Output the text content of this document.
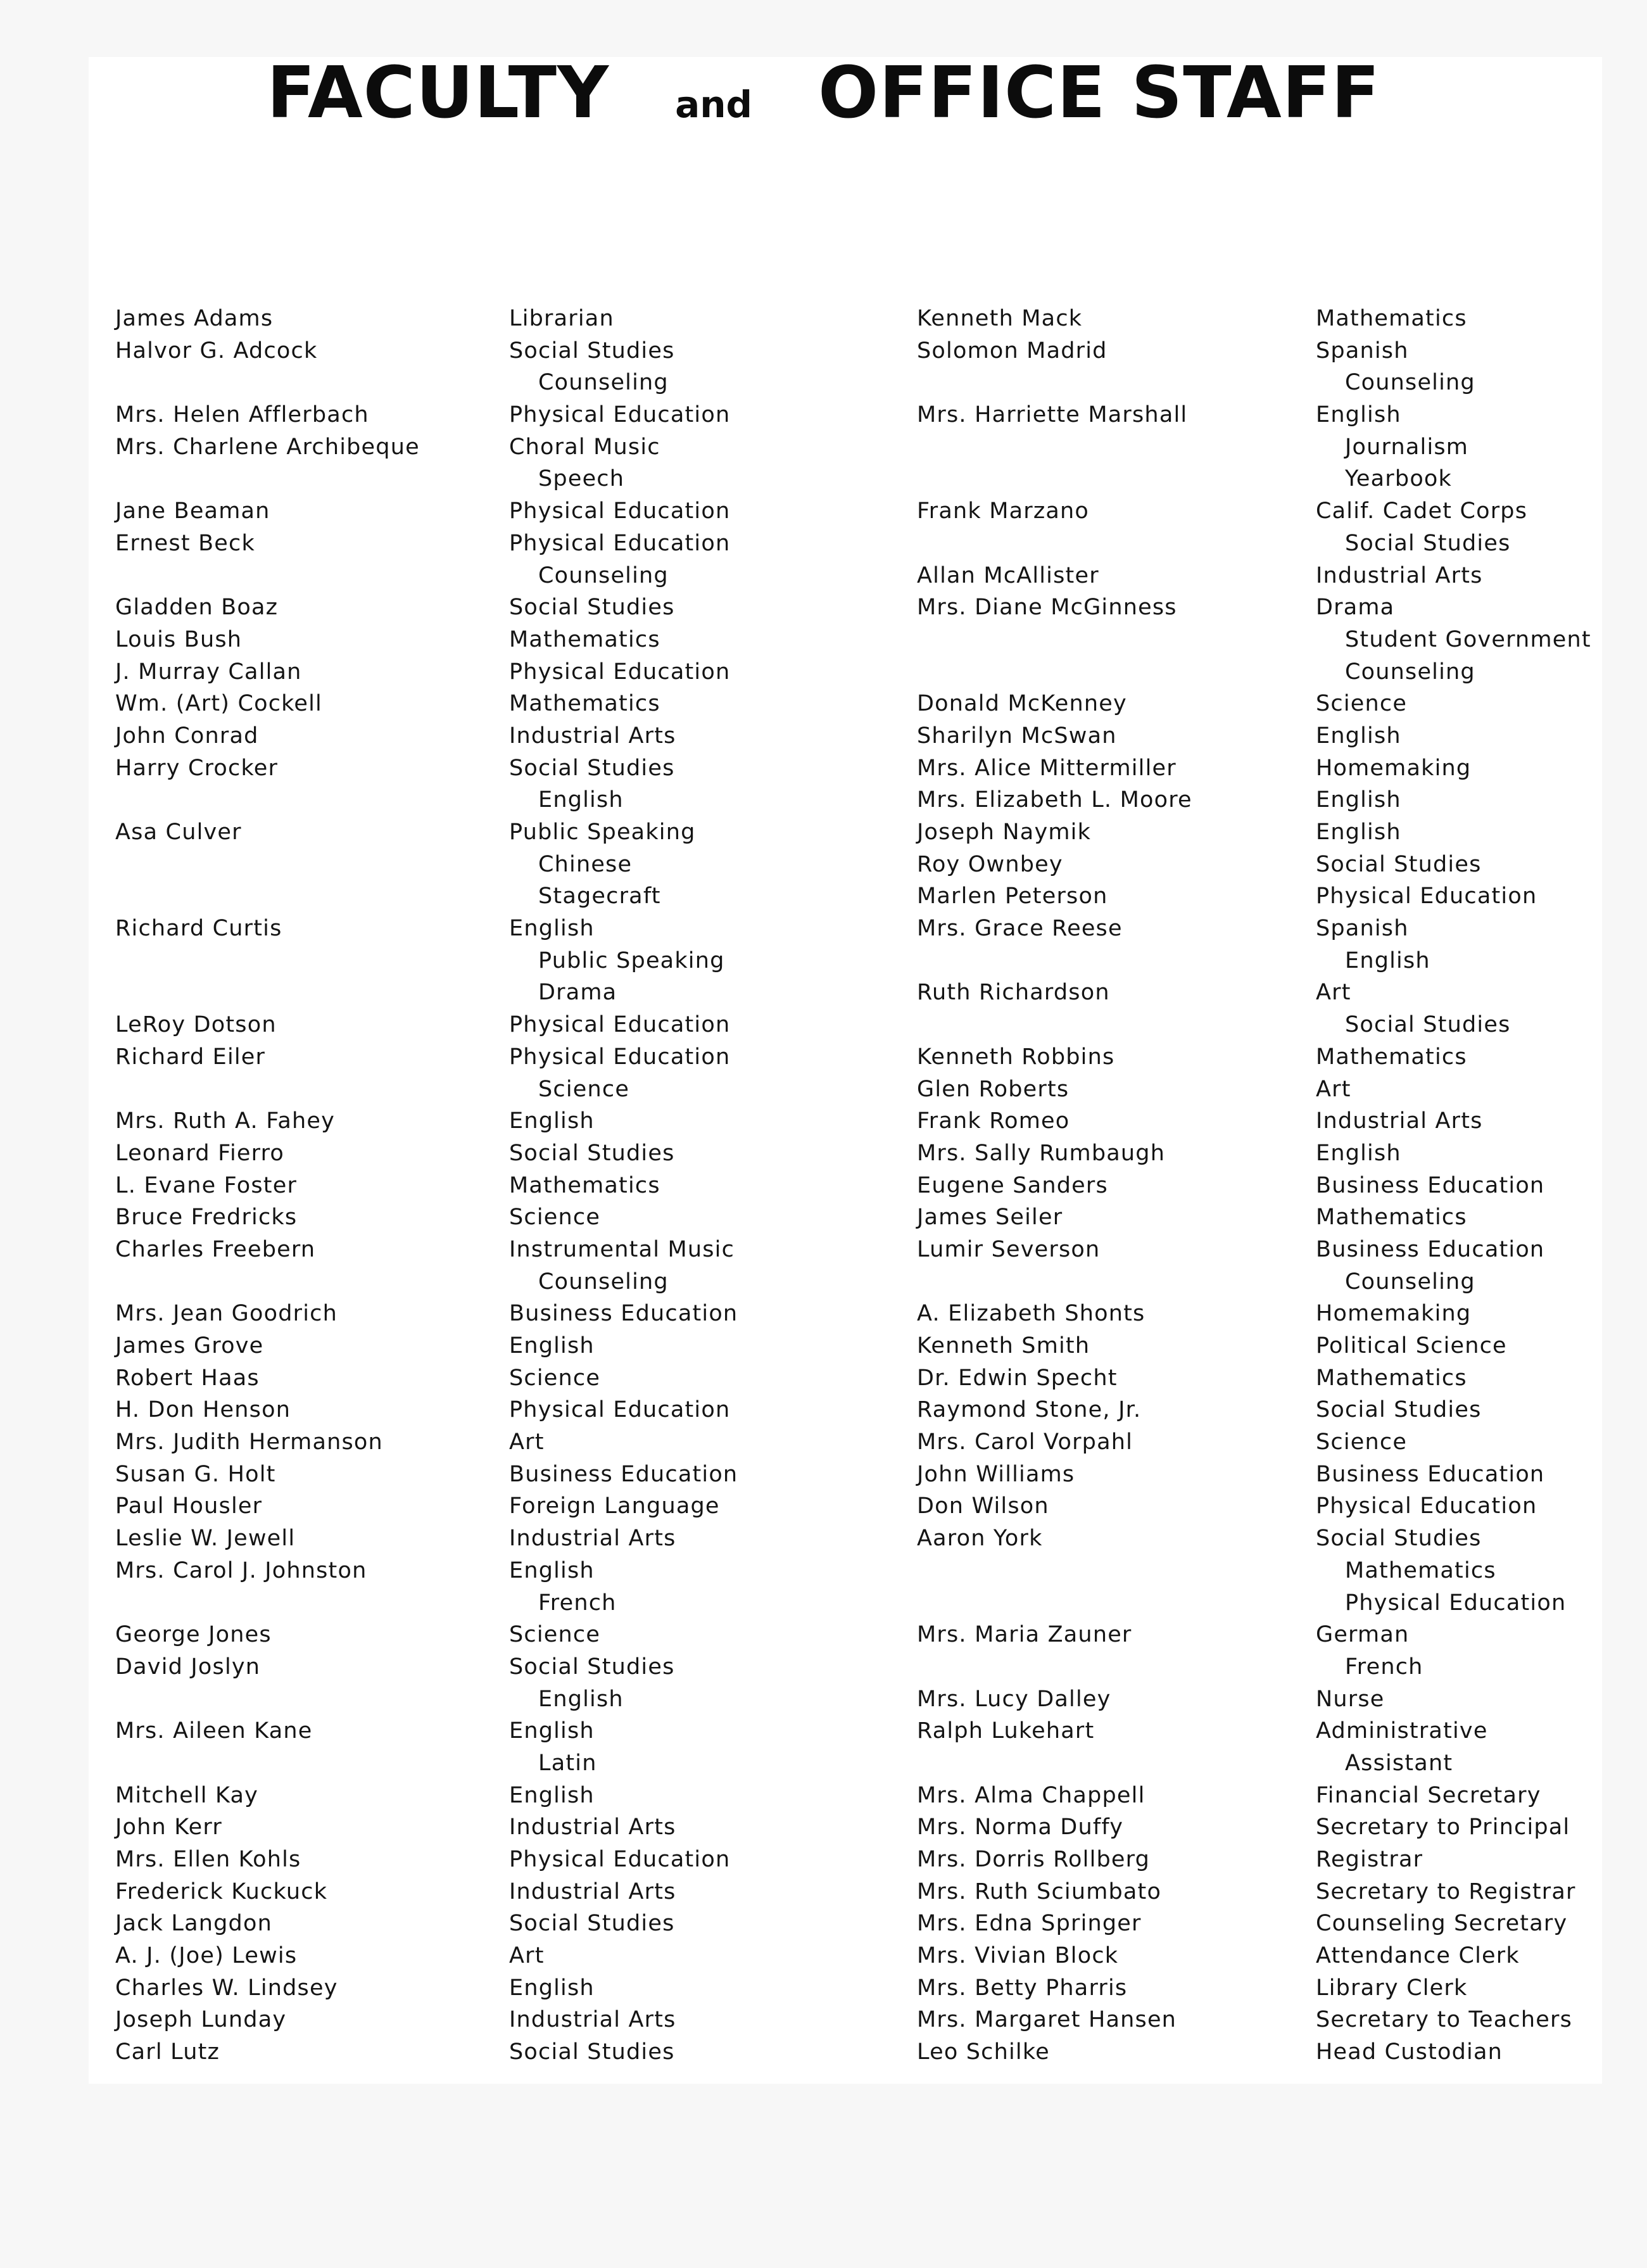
FACULTY and OFFICE STAFF
James Adams
Halvor G. Adcock
Mrs. Helen Afflerbach
Mrs. Charlene Archibeque
Jane Beaman
Ernest Beck
Gladden Boaz
Louis Bush
J. Murray Callan
Wm. (Art) Cockell
John Conrad
Harry Crocker
Asa Culver
Richard Curtis
LeRoy Dotson
Richard Eiler
Mrs. Ruth A. Fahey
Leonard Fierro
L. Evane Foster
Bruce Fredricks
Charles Freebern
Mrs. Jean Goodrich
James Grove
Robert Haas
H. Don Henson
Mrs. Judith Hermanson
Susan G. Holt
Paul Housler
Leslie W. Jewell
Mrs. Carol J. Johnston
George Jones
David Joslyn
Mrs. Aileen Kane
Mitchell Kay
John Kerr
Mrs. Ellen Kohls
Frederick Kuckuck
Jack Langdon
A. J. (Joe) Lewis
Charles W. Lindsey
Joseph Lunday
Carl Lutz
Librarian
Social Studies
Counseling
Physical Education
Choral Music
Speech
Physical Education
Physical Education
Counseling
Social Studies
Mathematics
Physical Education
Mathematics
Industrial Arts
Social Studies
English
Public Speaking
Chinese
Stagecraft
English
Public Speaking
Drama
Physical Education
Physical Education
Science
English
Social Studies
Mathematics
Science
Instrumental Music
Counseling
Business Education
English
Science
Physical Education
Art
Business Education
Foreign Language
Industrial Arts
English
French
Science
Social Studies
English
English
Latin
English
Industrial Arts
Physical Education
Industrial Arts
Social Studies
Art
English
Industrial Arts
Social Studies
Kenneth Mack
Solomon Madrid
Mrs. Harriette Marshall
Frank Marzano
Allan McAllister
Mrs. Diane McGinness
Donald McKenney
Sharilyn McSwan
Mrs. Alice Mittermiller
Mrs. Elizabeth L. Moore
Joseph Naymik
Roy Ownbey
Marlen Peterson
Mrs. Grace Reese
Ruth Richardson
Kenneth Robbins
Glen Roberts
Frank Romeo
Mrs. Sally Rumbaugh
Eugene Sanders
James Seiler
Lumir Severson
A. Elizabeth Shonts
Kenneth Smith
Dr. Edwin Specht
Raymond Stone, Jr.
Mrs. Carol Vorpahl
John Williams
Don Wilson
Aaron York
Mrs. Maria Zauner
Mrs. Lucy Dalley
Ralph Lukehart
Mrs. Alma Chappell
Mrs. Norma Duffy
Mrs. Dorris Rollberg
Mrs. Ruth Sciumbato
Mrs. Edna Springer
Mrs. Vivian Block
Mrs. Betty Pharris
Mrs. Margaret Hansen
Leo Schilke
Mathematics
Spanish
Counseling
English
Journalism
Yearbook
Calif. Cadet Corps
Social Studies
Industrial Arts
Drama
Student Government
Counseling
Science
English
Homemaking
English
English
Social Studies
Physical Education
Spanish
English
Art
Social Studies
Mathematics
Art
Industrial Arts
English
Business Education
Mathematics
Business Education
Counseling
Homemaking
Political Science
Mathematics
Social Studies
Science
Business Education
Physical Education
Social Studies
Mathematics
Physical Education
German
French
Nurse
Administrative
Assistant
Financial Secretary
Secretary to Principal
Registrar
Secretary to Registrar
Counseling Secretary
Attendance Clerk
Library Clerk
Secretary to Teachers
Head Custodian
